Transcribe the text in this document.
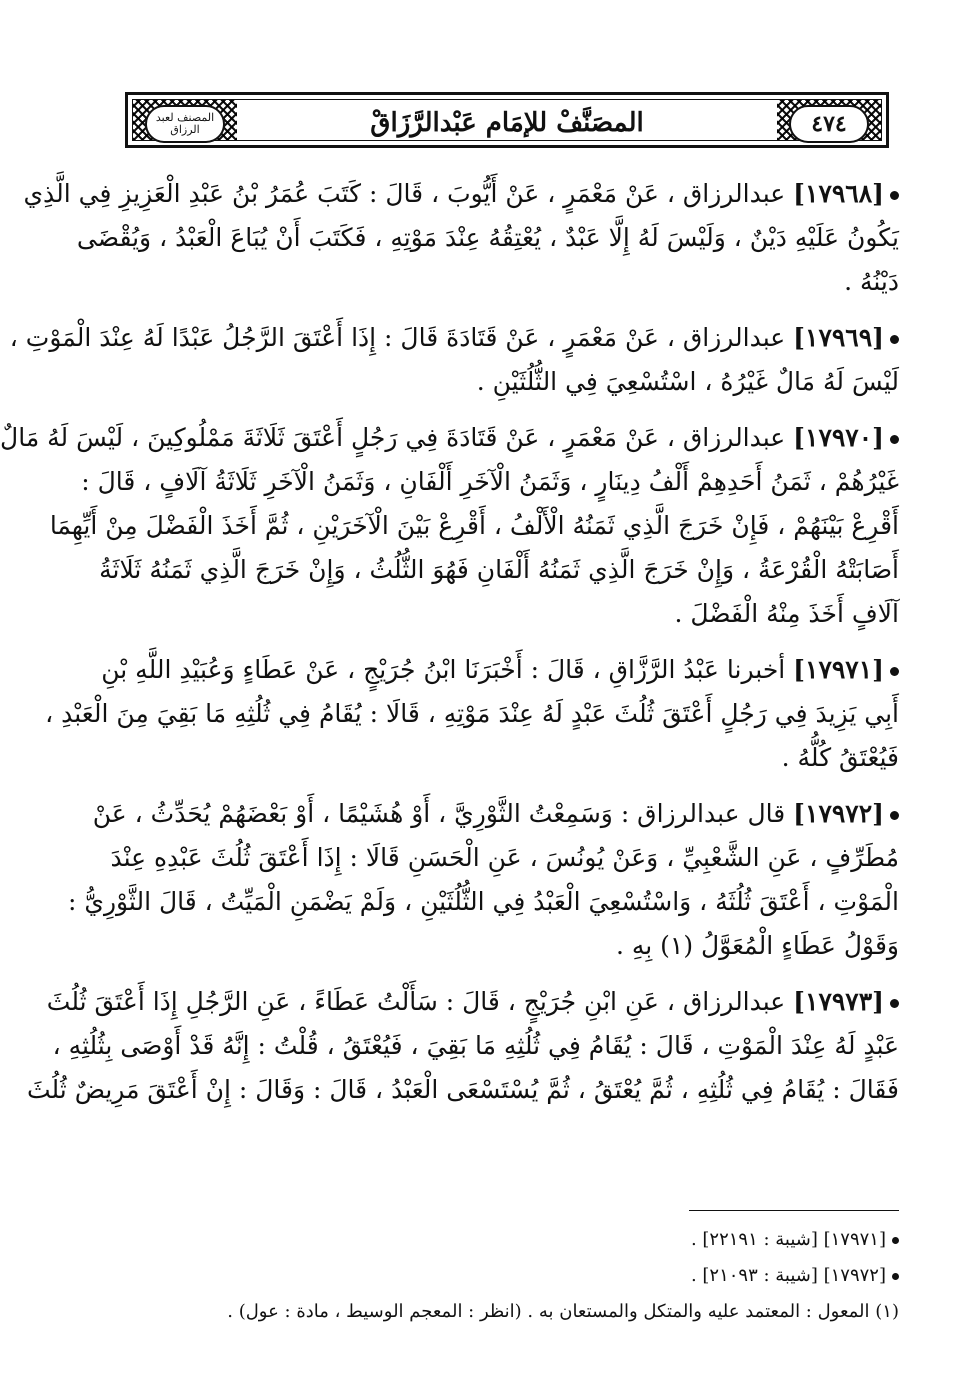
المصنف لعبد الرزاق	٤٧٤
المصَنَّفْ للإمَام عَبْدالرَّزَاقْ
[١٧٩٦٨] عبدالرزاق ، عَنْ مَعْمَرٍ ، عَنْ أَيُّوبَ ، قَالَ : كَتَبَ عُمَرُ بْنُ عَبْدِ الْعَزِيزِ فِي الَّذِي
يَكُونُ عَلَيْهِ دَيْنٌ ، وَلَيْسَ لَهُ إِلَّا عَبْدٌ ، يُعْتِقُهُ عِنْدَ مَوْتِهِ ، فَكَتَبَ أَنْ يُبَاعَ الْعَبْدُ ، وَيُقْضَى
دَيْنُهُ .
[١٧٩٦٩] عبدالرزاق ، عَنْ مَعْمَرٍ ، عَنْ قَتَادَةَ قَالَ : إِذَا أَعْتَقَ الرَّجُلُ عَبْدًا لَهُ عِنْدَ الْمَوْتِ ،
لَيْسَ لَهُ مَالٌ غَيْرُهُ ، اسْتُسْعِيَ فِي الثُّلُثَيْنِ .
[١٧٩٧٠] عبدالرزاق ، عَنْ مَعْمَرٍ ، عَنْ قَتَادَةَ فِي رَجُلٍ أَعْتَقَ ثَلَاثَةَ مَمْلُوكِينَ ، لَيْسَ لَهُ مَالٌ
غَيْرُهُمْ ، ثَمَنُ أَحَدِهِمْ أَلْفُ دِينَارٍ ، وَثَمَنُ الْآخَرِ أَلْفَانِ ، وَثَمَنُ الْآخَرِ ثَلَاثَةُ آلَافٍ ، قَالَ :
أَقْرِعْ بَيْنَهُمْ ، فَإِنْ خَرَجَ الَّذِي ثَمَنُهُ الْأَلْفُ ، أَقْرِعْ بَيْنَ الْآخَرَيْنِ ، ثُمَّ أَخَذَ الْفَضْلَ مِنْ أَيِّهِمَا
أَصَابَتْهُ الْقُرْعَةُ ، وَإِنْ خَرَجَ الَّذِي ثَمَنُهُ أَلْفَانِ فَهُوَ الثُّلُثُ ، وَإِنْ خَرَجَ الَّذِي ثَمَنُهُ ثَلَاثَةُ
آلَافٍ أَخَذَ مِنْهُ الْفَضْلَ .
[١٧٩٧١] أخبرنا عَبْدُ الرَّزَّاقِ ، قَالَ : أَخْبَرَنَا ابْنُ جُرَيْجٍ ، عَنْ عَطَاءٍ وَعُبَيْدِ اللَّهِ بْنِ
أَبِي يَزِيدَ فِي رَجُلٍ أَعْتَقَ ثُلُثَ عَبْدٍ لَهُ عِنْدَ مَوْتِهِ ، قَالَا : يُقَامُ فِي ثُلُثِهِ مَا بَقِيَ مِنَ الْعَبْدِ ،
فَيُعْتَقُ كُلُّهُ .
[١٧٩٧٢] قال عبدالرزاق : وَسَمِعْتُ الثَّوْرِيَّ ، أَوْ هُشَيْمًا ، أَوْ بَعْضَهُمْ يُحَدِّثُ ، عَنْ
مُطَرِّفٍ ، عَنِ الشَّعْبِيِّ ، وَعَنْ يُونُسَ ، عَنِ الْحَسَنِ قَالَا : إِذَا أَعْتَقَ ثُلُثَ عَبْدِهِ عِنْدَ
الْمَوْتِ ، أَعْتَقَ ثُلُثَهُ ، وَاسْتُسْعِيَ الْعَبْدُ فِي الثُّلُثَيْنِ ، وَلَمْ يَضْمَنِ الْمَيِّتُ ، قَالَ الثَّوْرِيُّ :
وَقَوْلُ عَطَاءٍ الْمُعَوَّلُ (١) بِهِ .
[١٧٩٧٣] عبدالرزاق ، عَنِ ابْنِ جُرَيْجٍ ، قَالَ : سَأَلْتُ عَطَاءً ، عَنِ الرَّجُلِ إِذَا أَعْتَقَ ثُلُثَ
عَبْدٍ لَهُ عِنْدَ الْمَوْتِ ، قَالَ : يُقَامُ فِي ثُلُثِهِ مَا بَقِيَ ، فَيُعْتَقُ ، قُلْتُ : إِنَّهُ قَدْ أَوْصَى بِثُلُثِهِ ،
فَقَالَ : يُقَامُ فِي ثُلُثِهِ ، ثُمَّ يُعْتَقُ ، ثُمَّ يُسْتَسْعَى الْعَبْدُ ، قَالَ : وَقَالَ : إِنْ أَعْتَقَ مَرِيضٌ ثُلُثَ
[١٧٩٧١] [شيبة : ٢٢١٩١] .
[١٧٩٧٢] [شيبة : ٢١٠٩٣] .
(١) المعول : المعتمد عليه والمتكل والمستعان به . (انظر : المعجم الوسيط ، مادة : عول) .
